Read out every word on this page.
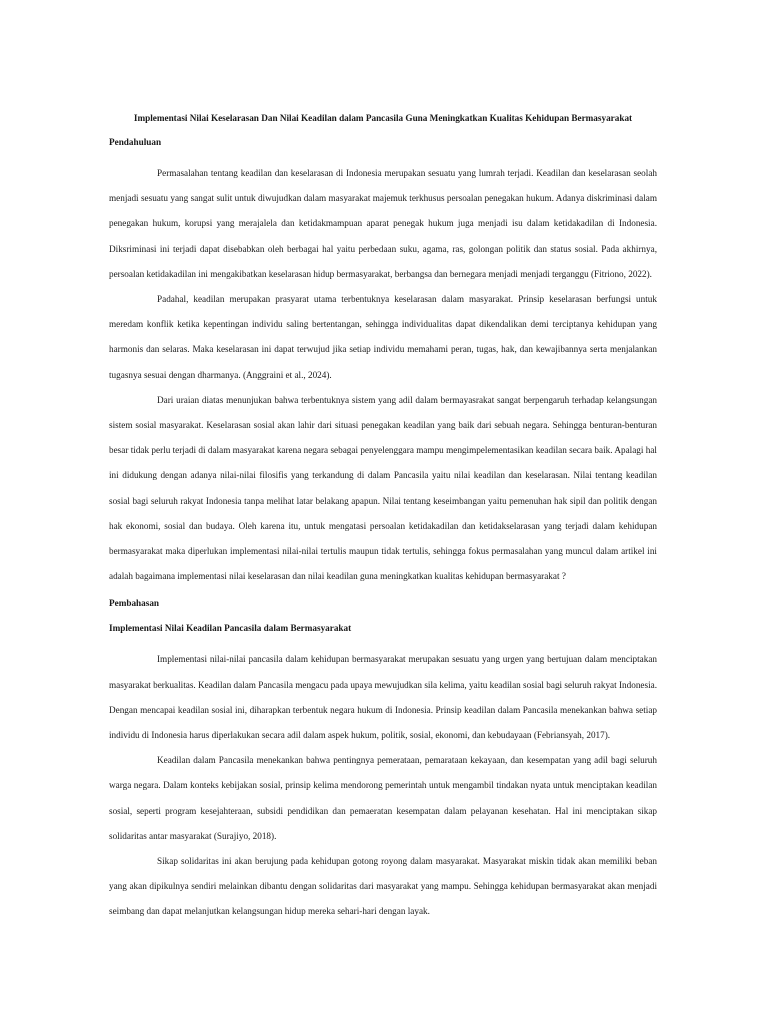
Implementasi Nilai Keselarasan Dan Nilai Keadilan dalam Pancasila Guna Meningkatkan Kualitas Kehidupan Bermasyarakat
Pendahuluan

Permasalahan tentang keadilan dan keselarasan di Indonesia merupakan sesuatu yang lumrah terjadi. Keadilan dan keselarasan seolah menjadi sesuatu yang sangat sulit untuk diwujudkan dalam masyarakat majemuk terkhusus persoalan penegakan hukum. Adanya diskriminasi dalam penegakan hukum, korupsi yang merajalela dan ketidakmampuan aparat penegak hukum juga menjadi isu dalam ketidakadilan di Indonesia. Diksriminasi ini terjadi dapat disebabkan oleh berbagai hal yaitu perbedaan suku, agama, ras, golongan politik dan status sosial. Pada akhirnya, persoalan ketidakadilan ini mengakibatkan keselarasan hidup bermasyarakat, berbangsa dan bernegara menjadi menjadi terganggu (Fitriono, 2022).

Padahal, keadilan merupakan prasyarat utama terbentuknya keselarasan dalam masyarakat. Prinsip keselarasan berfungsi untuk meredam konflik ketika kepentingan individu saling bertentangan, sehingga individualitas dapat dikendalikan demi terciptanya kehidupan yang harmonis dan selaras. Maka keselarasan ini dapat terwujud jika setiap individu memahami peran, tugas, hak, dan kewajibannya serta menjalankan tugasnya sesuai dengan dharmanya. (Anggraini et al., 2024).

Dari uraian diatas menunjukan bahwa terbentuknya sistem yang adil dalam bermayasrakat sangat berpengaruh terhadap kelangsungan sistem sosial masyarakat. Keselarasan sosial akan lahir dari situasi penegakan keadilan yang baik dari sebuah negara. Sehingga benturan-benturan besar tidak perlu terjadi di dalam masyarakat karena negara sebagai penyelenggara mampu mengimpelementasikan keadilan secara baik. Apalagi hal ini didukung dengan adanya nilai-nilai filosifis yang terkandung di dalam Pancasila yaitu nilai keadilan dan keselarasan. Nilai tentang keadilan sosial bagi seluruh rakyat Indonesia tanpa melihat latar belakang apapun. Nilai tentang keseimbangan yaitu pemenuhan hak sipil dan politik dengan hak ekonomi, sosial dan budaya. Oleh karena itu, untuk mengatasi persoalan ketidakadilan dan ketidakselarasan yang terjadi dalam kehidupan bermasyarakat maka diperlukan implementasi nilai-nilai tertulis maupun tidak tertulis, sehingga fokus permasalahan yang muncul dalam artikel ini adalah bagaimana implementasi nilai keselarasan dan nilai keadilan guna meningkatkan kualitas kehidupan bermasyarakat ?

Pembahasan
Implementasi Nilai Keadilan Pancasila dalam Bermasyarakat

Implementasi nilai-nilai pancasila dalam kehidupan bermasyarakat merupakan sesuatu yang urgen yang bertujuan dalam menciptakan masyarakat berkualitas. Keadilan dalam Pancasila mengacu pada upaya mewujudkan sila kelima, yaitu keadilan sosial bagi seluruh rakyat Indonesia. Dengan mencapai keadilan sosial ini, diharapkan terbentuk negara hukum di Indonesia. Prinsip keadilan dalam Pancasila menekankan bahwa setiap individu di Indonesia harus diperlakukan secara adil dalam aspek hukum, politik, sosial, ekonomi, dan kebudayaan (Febriansyah, 2017).

Keadilan dalam Pancasila menekankan bahwa pentingnya pemerataan, pemarataan kekayaan, dan kesempatan yang adil bagi seluruh warga negara. Dalam konteks kebijakan sosial, prinsip kelima mendorong pemerintah untuk mengambil tindakan nyata untuk menciptakan keadilan sosial, seperti program kesejahteraan, subsidi pendidikan dan pemaeratan kesempatan dalam pelayanan kesehatan. Hal ini menciptakan sikap solidaritas antar masyarakat (Surajiyo, 2018).

Sikap solidaritas ini akan berujung pada kehidupan gotong royong dalam masyarakat. Masyarakat miskin tidak akan memiliki beban yang akan dipikulnya sendiri melainkan dibantu dengan solidaritas dari masyarakat yang mampu. Sehingga kehidupan bermasyarakat akan menjadi seimbang dan dapat melanjutkan kelangsungan hidup mereka sehari-hari dengan layak.
